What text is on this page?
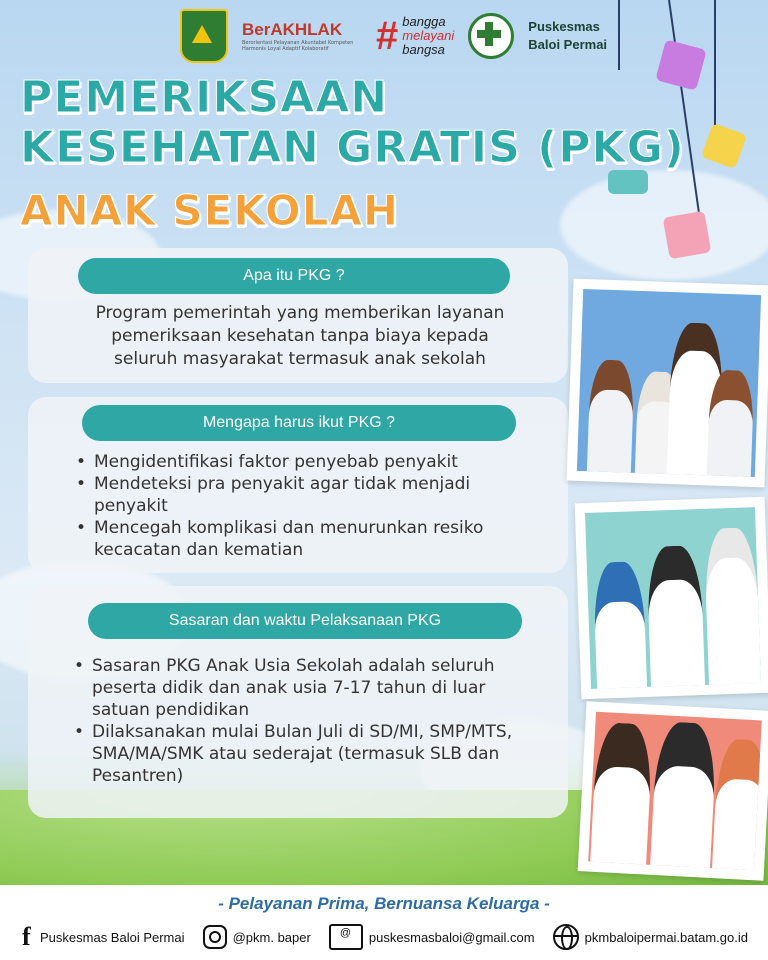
BerAKHLAK
Berorientasi Pelayanan Akuntabel Kompeten Harmonis Loyal Adaptif Kolaboratif	# bangga
melayani
bangsa
Puskesmas
Baloi Permai
PEMERIKSAAN
KESEHATAN GRATIS (PKG)
ANAK SEKOLAH
Apa itu PKG ?
Program pemerintah yang memberikan layanan
pemeriksaan kesehatan tanpa biaya kepada
seluruh masyarakat termasuk anak sekolah
Mengapa harus ikut PKG ?
• Mengidentifikasi faktor penyebab penyakit
• Mendeteksi pra penyakit agar tidak menjadi penyakit
• Mencegah komplikasi dan menurunkan resiko kecacatan dan kematian
Sasaran dan waktu Pelaksanaan PKG
• Sasaran PKG Anak Usia Sekolah adalah seluruh peserta didik dan anak usia 7-17 tahun di luar satuan pendidikan
• Dilaksanakan mulai Bulan Juli di SD/MI, SMP/MTS, SMA/MA/SMK atau sederajat (termasuk SLB dan Pesantren)
- Pelayanan Prima, Bernuansa Keluarga -
f Puskesmas Baloi Permai	@pkm. baper
@	puskesmasbaloi@gmail.com	pkmbaloipermai.batam.go.id
